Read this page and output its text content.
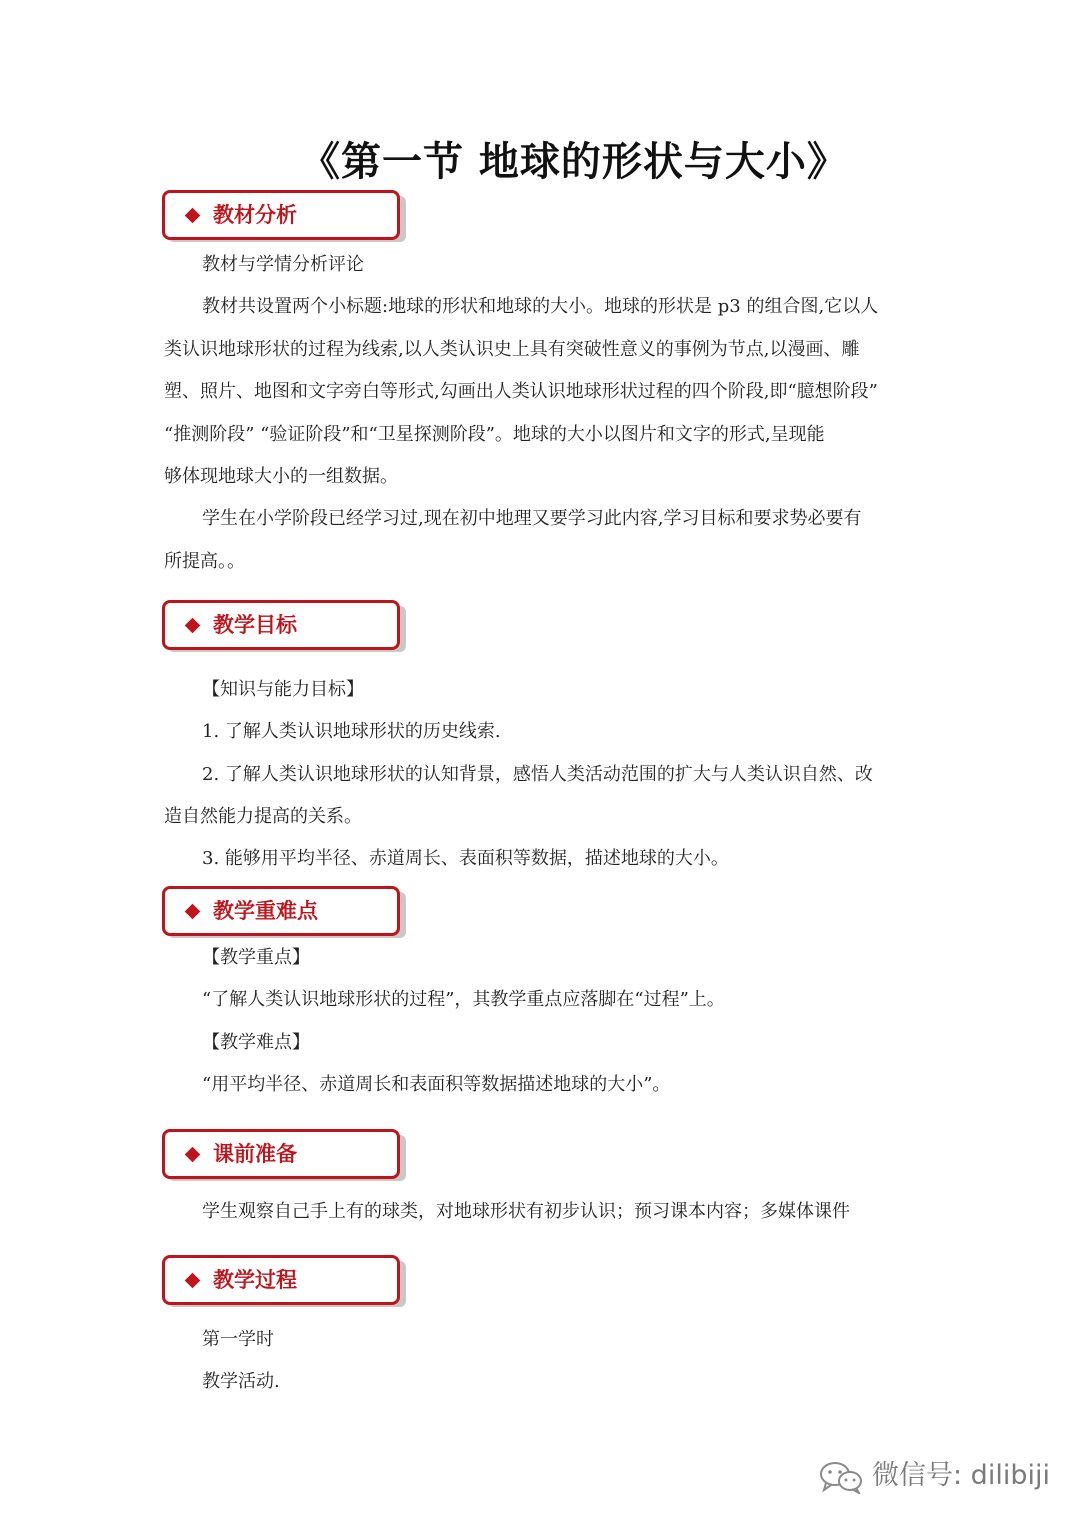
《第一节 地球的形状与大小》
教材分析
教材与学情分析评论
教材共设置两个小标题:地球的形状和地球的大小。地球的形状是 p3 的组合图,它以人
类认识地球形状的过程为线索,以人类认识史上具有突破性意义的事例为节点,以漫画、雕
塑、照片、地图和文字旁白等形式,勾画出人类认识地球形状过程的四个阶段,即“臆想阶段”
“推测阶段” “验证阶段”和“卫星探测阶段”。地球的大小以图片和文字的形式,呈现能
够体现地球大小的一组数据。
学生在小学阶段已经学习过,现在初中地理又要学习此内容,学习目标和要求势必要有
所提高。。
教学目标
【知识与能力目标】
1. 了解人类认识地球形状的历史线索.
2. 了解人类认识地球形状的认知背景，感悟人类活动范围的扩大与人类认识自然、改
造自然能力提高的关系。
3. 能够用平均半径、赤道周长、表面积等数据，描述地球的大小。
教学重难点
【教学重点】
“了解人类认识地球形状的过程”，其教学重点应落脚在“过程”上。
【教学难点】
“用平均半径、赤道周长和表面积等数据描述地球的大小”。
课前准备
学生观察自己手上有的球类，对地球形状有初步认识；预习课本内容；多媒体课件
教学过程
第一学时
教学活动.
微信号: dilibiji
